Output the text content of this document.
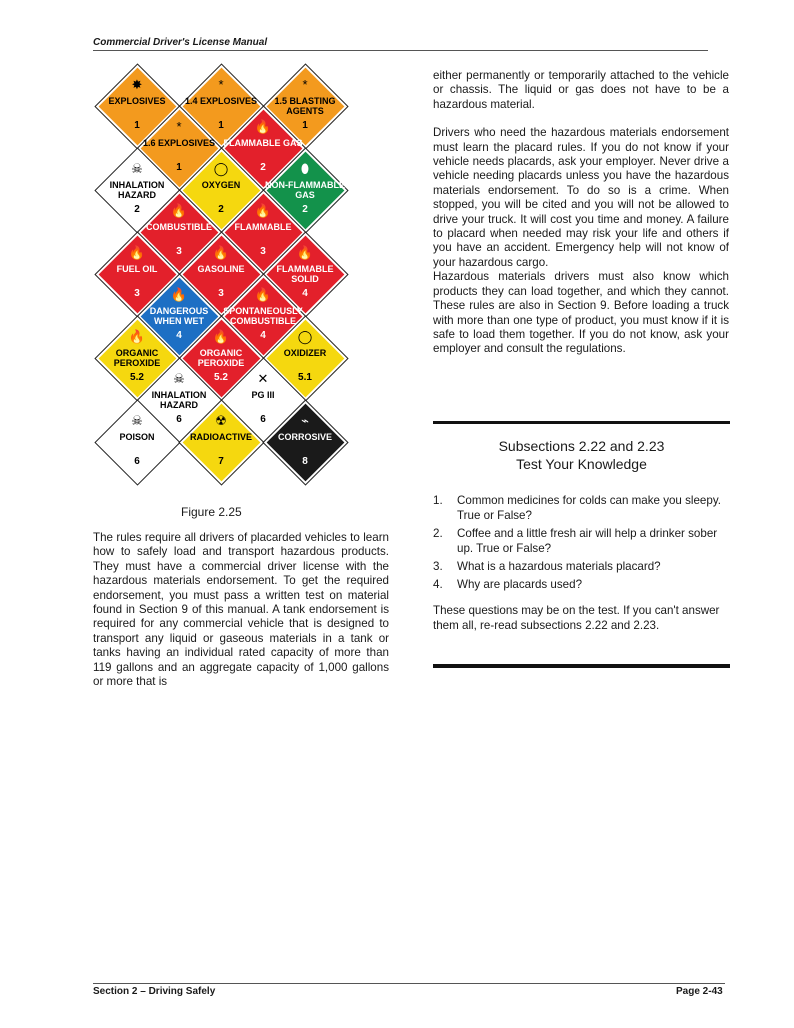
Commercial Driver's License Manual
✸
EXPLOSIVES
1
*
1.4 EXPLOSIVES
1
*
1.5 BLASTING AGENTS
1
*
1.6 EXPLOSIVES
1
🔥
FLAMMABLE GAS
2
☠
INHALATION HAZARD
2
◯
OXYGEN
2
⬮
NON-FLAMMABLE GAS
2
🔥
COMBUSTIBLE
3
🔥
FLAMMABLE
3
🔥
FUEL OIL
3
🔥
GASOLINE
3
🔥
FLAMMABLE SOLID
4
🔥
DANGEROUS WHEN WET
4
🔥
SPONTANEOUSLY COMBUSTIBLE
4
🔥
ORGANIC PEROXIDE
5.2
🔥
ORGANIC PEROXIDE
5.2
◯
OXIDIZER
5.1
☠
INHALATION HAZARD
6
✕
PG III
6
☠
POISON
6
☢
RADIOACTIVE
7
⌁
CORROSIVE
8
Figure 2.25
The rules require all drivers of placarded vehicles to learn how to safely load and transport hazardous products. They must have a commercial driver license with the hazardous materials endorsement. To get the required endorsement, you must pass a written test on material found in Section 9 of this manual. A tank endorsement is required for any commercial vehicle that is designed to transport any liquid or gaseous materials in a tank or tanks having an individual rated capacity of more than 119 gallons and an aggregate capacity of 1,000 gallons or more that is

either permanently or temporarily attached to the vehicle or chassis. The liquid or gas does not have to be a hazardous material.

Drivers who need the hazardous materials endorsement must learn the placard rules. If you do not know if your vehicle needs placards, ask your employer. Never drive a vehicle needing placards unless you have the hazardous materials endorsement. To do so is a crime. When stopped, you will be cited and you will not be allowed to drive your truck. It will cost you time and money. A failure to placard when needed may risk your life and others if you have an accident. Emergency help will not know of your hazardous cargo.

Hazardous materials drivers must also know which products they can load together, and which they cannot. These rules are also in Section 9. Before loading a truck with more than one type of product, you must know if it is safe to load them together. If you do not know, ask your employer and consult the regulations.

Subsections 2.22 and 2.23
Test Your Knowledge
1. Common medicines for colds can make you sleepy. True or False?
2. Coffee and a little fresh air will help a drinker sober up. True or False?
3. What is a hazardous materials placard?
4. Why are placards used?
These questions may be on the test. If you can't answer them all, re-read subsections 2.22 and 2.23.
Section 2 – Driving Safely	Page 2-43
